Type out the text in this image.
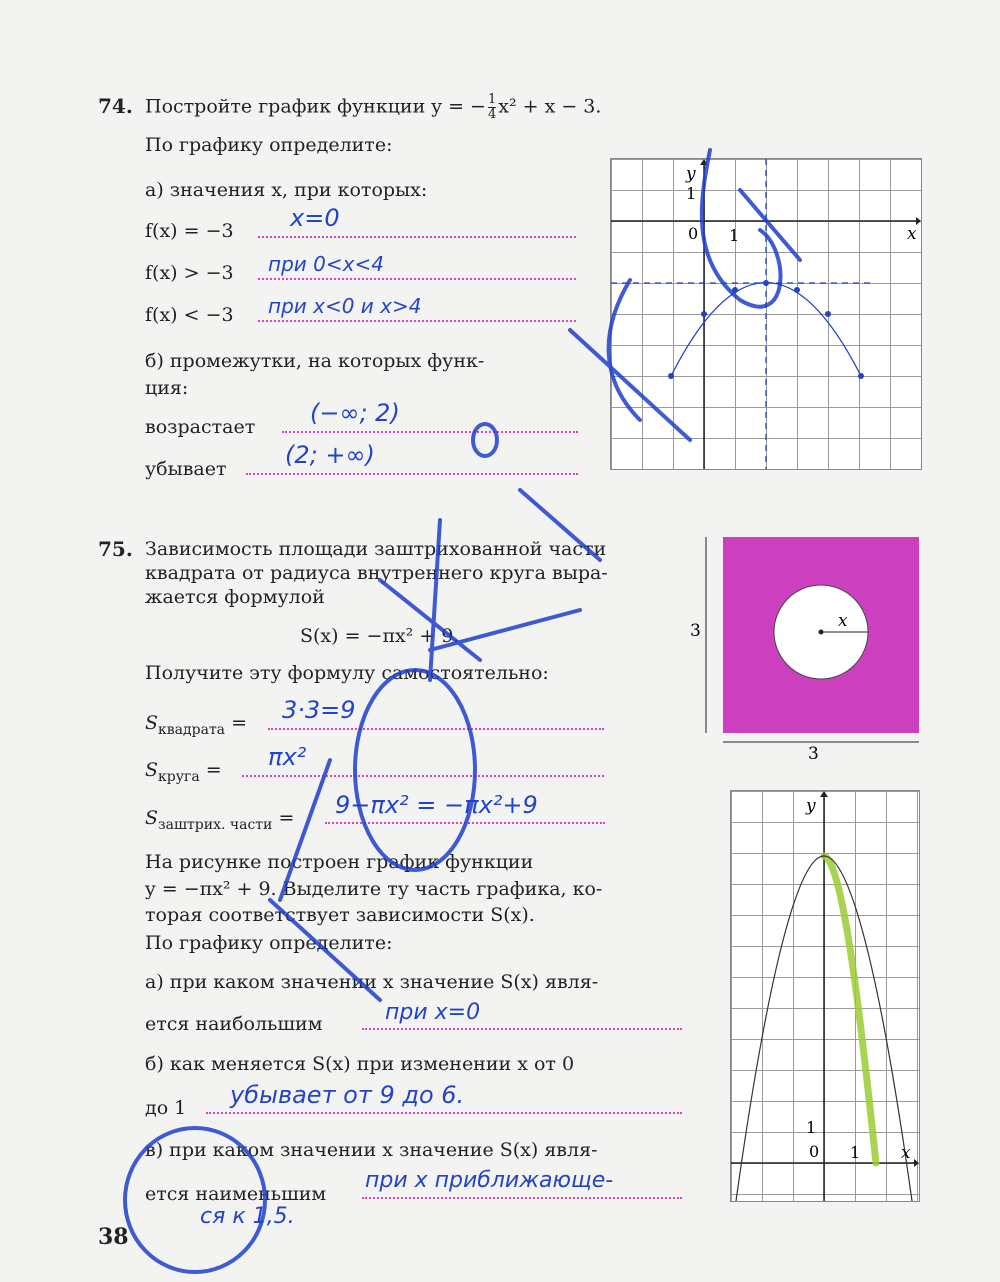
74. Постройте график функции y = − $\frac{1}{4} x^2 + x - 3$.
По графику определите:
а) значения x, при которых:
f(x) = −3 x=0
f(x) > −3 при 0<x<4
f(x) < −3 при x<0 и x>4
б) промежутки, на которых функ-
ция:
возрастает (−∞; 2)
убывает (2; +∞)
y
1
0 1	x
75. Зависимость площади заштрихованной части
квадрата от радиуса внутреннего круга выра-
жается формулой
S(x) = −πx² + 9.
Получите эту формулу самостоятельно:
$S_{квадрата} = 3\cdot 3=9$
$S_{круга} = \pi x^2$
$S_{заштрих. части} = 9-\pi x^2 = -\pi x^2+9$
На рисунке построен график функции
y = −πx² + 9. Выделите ту часть графика, ко-
торая соответствует зависимости S(x).
По графику определите:
а) при каком значении x значение S(x) явля-
ется наибольшим	при x=0
б) как меняется S(x) при изменении x от 0
до 1 убывает от 9 до 6.
в) при каком значении x значение S(x) явля-
ется наименьшим
при x приближающе-
ся к 1,5.
x
3
3
y
1
0 1 x
38
